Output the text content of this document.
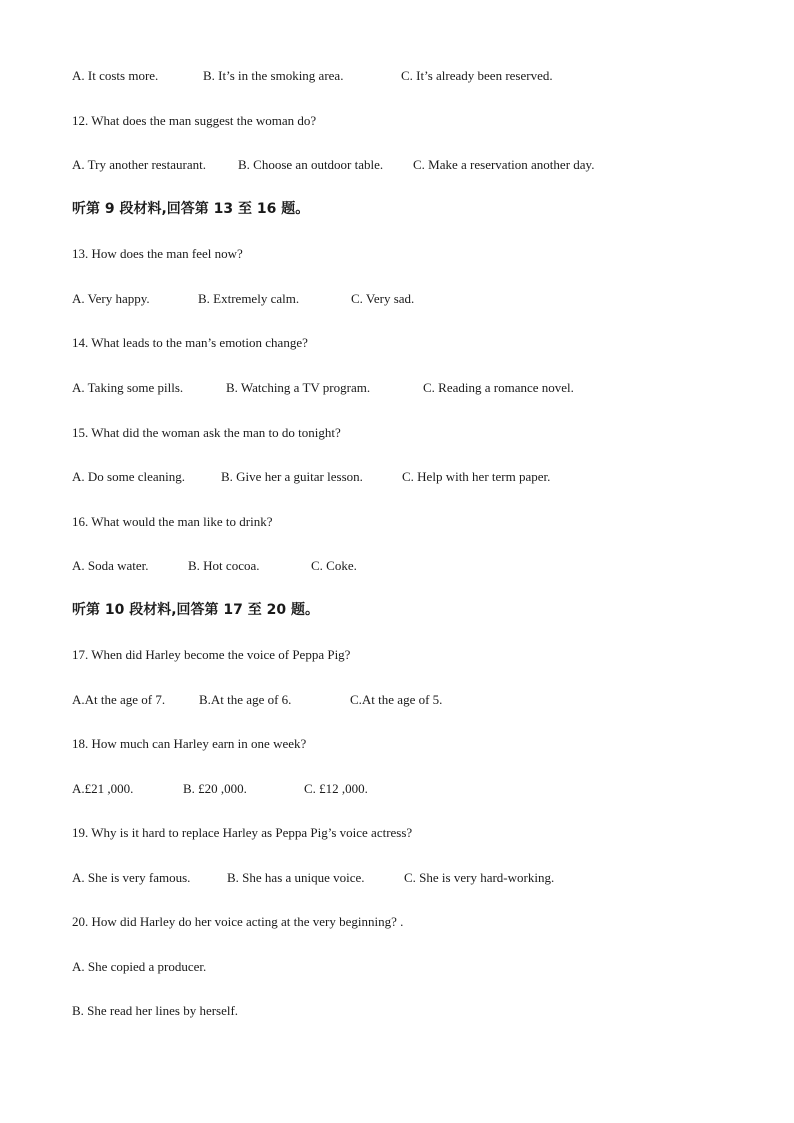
A. It costs more.	B. It’s in the smoking area.	C. It’s already been reserved.
12. What does the man suggest the woman do?
A. Try another restaurant. B. Choose an outdoor table. C. Make a reservation another day.
听第 9 段材料,回答第 13 至 16 题。
13. How does the man feel now?
A. Very happy.	B. Extremely calm.	C. Very sad.
14. What leads to the man’s emotion change?
A. Taking some pills.	B. Watching a TV program.	C. Reading a romance novel.
15. What did the woman ask the man to do tonight?
A. Do some cleaning.	B. Give her a guitar lesson.	C. Help with her term paper.
16. What would the man like to drink?
A. Soda water.	B. Hot cocoa.	C. Coke.
听第 10 段材料,回答第 17 至 20 题。
17. When did Harley become the voice of Peppa Pig?
A.At the age of 7.	B.At the age of 6.	C.At the age of 5.
18. How much can Harley earn in one week?
A.£21 ,000.	B. £20 ,000.	C. £12 ,000.
19. Why is it hard to replace Harley as Peppa Pig’s voice actress?
A. She is very famous.	B. She has a unique voice.	C. She is very hard-working.
20. How did Harley do her voice acting at the very beginning? .
A. She copied a producer.
B. She read her lines by herself.
